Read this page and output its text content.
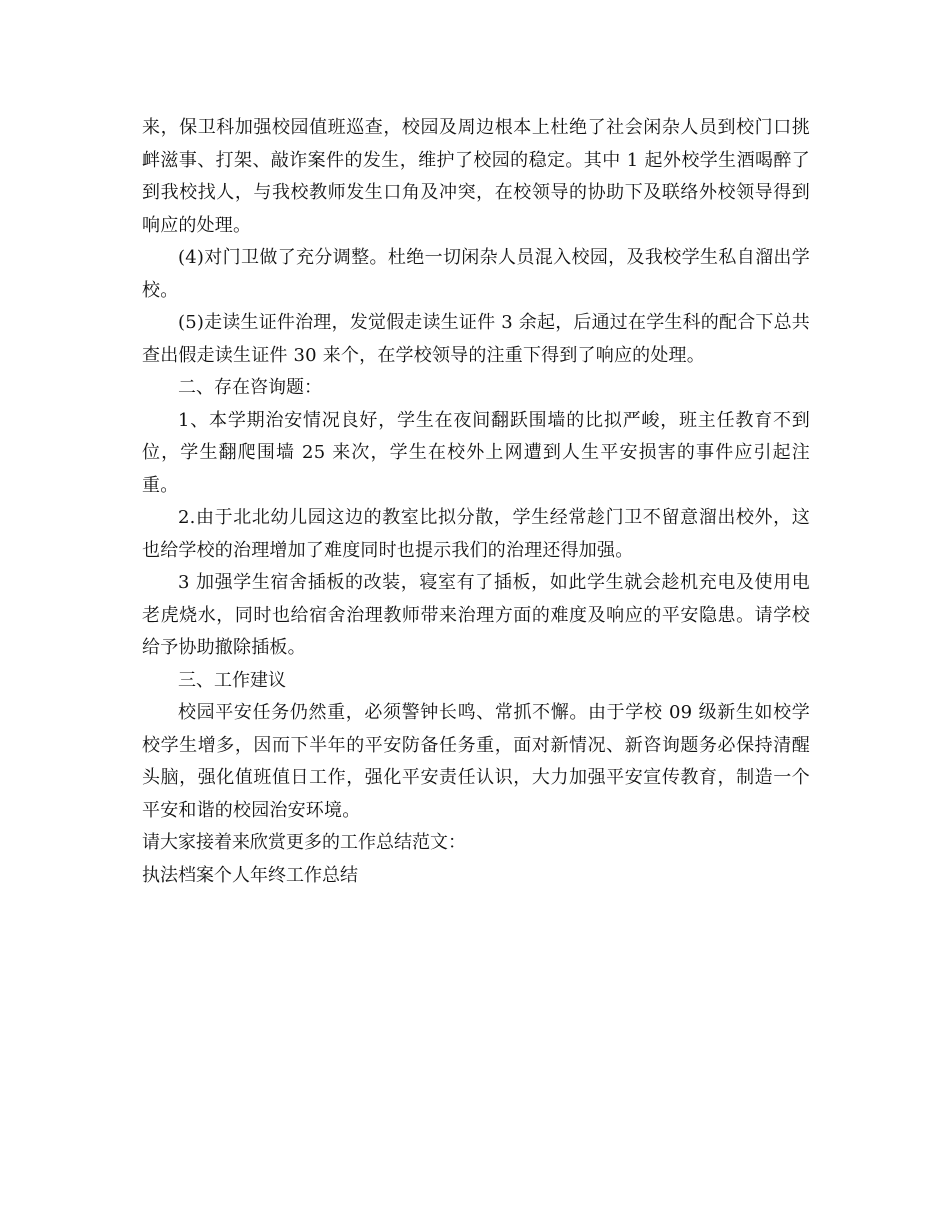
来，保卫科加强校园值班巡查，校园及周边根本上杜绝了社会闲杂人员到校门口挑衅滋事、打架、敲诈案件的发生，维护了校园的稳定。其中 1 起外校学生酒喝醉了到我校找人，与我校教师发生口角及冲突，在校领导的协助下及联络外校领导得到响应的处理。

(4)对门卫做了充分调整。杜绝一切闲杂人员混入校园，及我校学生私自溜出学校。

(5)走读生证件治理，发觉假走读生证件 3 余起，后通过在学生科的配合下总共查出假走读生证件 30 来个，在学校领导的注重下得到了响应的处理。

二、存在咨询题：

1、本学期治安情况良好，学生在夜间翻跃围墙的比拟严峻，班主任教育不到位，学生翻爬围墙 25 来次，学生在校外上网遭到人生平安损害的事件应引起注重。

2.由于北北幼儿园这边的教室比拟分散，学生经常趁门卫不留意溜出校外，这也给学校的治理增加了难度同时也提示我们的治理还得加强。

3 加强学生宿舍插板的改装，寝室有了插板，如此学生就会趁机充电及使用电老虎烧水，同时也给宿舍治理教师带来治理方面的难度及响应的平安隐患。请学校给予协助撤除插板。

三、工作建议

校园平安任务仍然重，必须警钟长鸣、常抓不懈。由于学校 09 级新生如校学校学生增多，因而下半年的平安防备任务重，面对新情况、新咨询题务必保持清醒头脑，强化值班值日工作，强化平安责任认识，大力加强平安宣传教育，制造一个平安和谐的校园治安环境。

请大家接着来欣赏更多的工作总结范文：

执法档案个人年终工作总结
